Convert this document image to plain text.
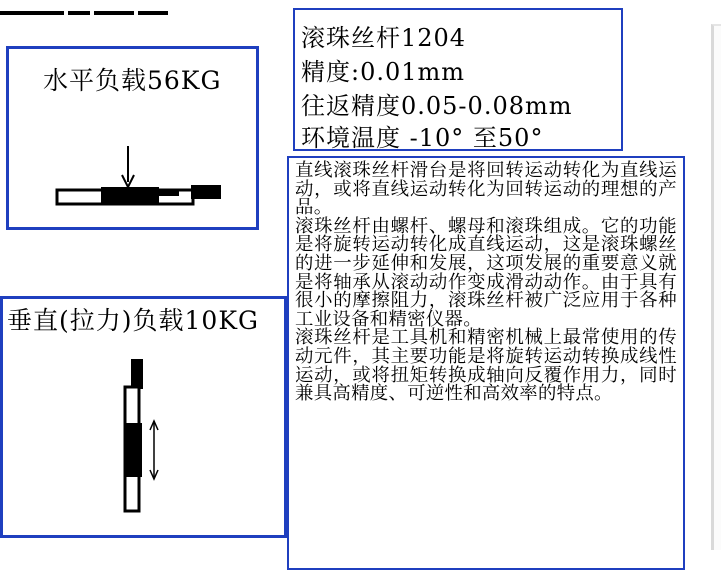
水平负载56KG
垂直(拉力)负载10KG
滚珠丝杆1204
精度:0.01mm
往返精度0.05-0.08mm
环境温度 -10° 至50°

直线滚珠丝杆滑台是将回转运动转化为直线运动，或将直线运动转化为回转运动的理想的产品。

滚珠丝杆由螺杆、螺母和滚珠组成。它的功能是将旋转运动转化成直线运动，这是滚珠螺丝的进一步延伸和发展，这项发展的重要意义就是将轴承从滚动动作变成滑动动作。由于具有很小的摩擦阻力，滚珠丝杆被广泛应用于各种工业设备和精密仪器。

滚珠丝杆是工具机和精密机械上最常使用的传动元件，其主要功能是将旋转运动转换成线性运动，或将扭矩转换成轴向反覆作用力，同时兼具高精度、可逆性和高效率的特点。
